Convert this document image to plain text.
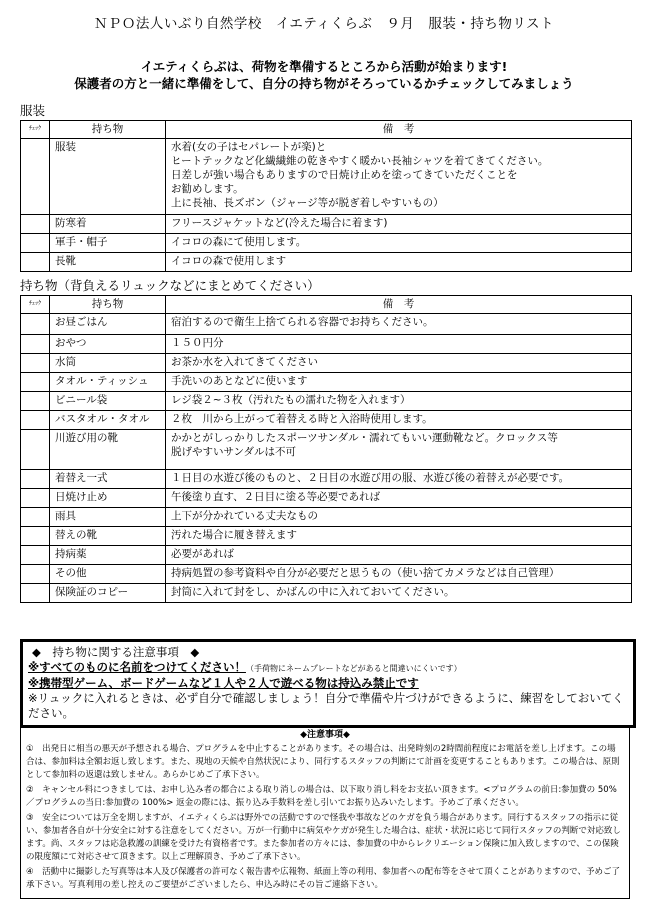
ＮＰＯ法人いぶり自然学校　イエティくらぶ　９月　服装・持ち物リスト
イエティくらぶは、荷物を準備するところから活動が始まります!
保護者の方と一緒に準備をして、自分の持ち物がそろっているかチェックしてみましょう
服装
ﾁｪｯｸ	持ち物	備　考
	服装	水着(女の子はセパレートが楽)と
ヒートテックなど化繊繊維の乾きやすく暖かい長袖シャツを着てきてください。
日差しが強い場合もありますので日焼け止めを塗ってきていただくことを
お勧めします。
上に長袖、長ズボン（ジャージ等が脱ぎ着しやすいもの）

	防寒着	フリースジャケットなど(冷えた場合に着ます)

	軍手・帽子	イコロの森にて使用します。

	長靴	イコロの森で使用します
持ち物（背負えるリュックなどにまとめてください）
ﾁｪｯｸ	持ち物	備　考
	お昼ごはん	宿泊するので衛生上捨てられる容器でお持ちください。

	おやつ	１５０円分

	水筒	お茶か水を入れてきてください

	タオル・ティッシュ	手洗いのあとなどに使います

	ビニール袋	レジ袋２~３枚（汚れたもの濡れた物を入れます）

	バスタオル・タオル	２枚　川から上がって着替える時と入浴時使用します。

	川遊び用の靴	かかとがしっかりしたスポーツサンダル・濡れてもいい運動靴など。クロックス等
脱げやすいサンダルは不可

	着替え一式	１日目の水遊び後のものと、２日目の水遊び用の服、水遊び後の着替えが必要です。

	日焼け止め	午後塗り直す、２日目に塗る等必要であれば

	雨具	上下が分かれている丈夫なもの

	替えの靴	汚れた場合に履き替えます

	持病薬	必要があれば

	その他	持病処置の参考資料や自分が必要だと思うもの（使い捨てカメラなどは自己管理）

	保険証のコピー	封筒に入れて封をし、かばんの中に入れておいてください。
◆　持ち物に関する注意事項　◆
※すべてのものに名前をつけてください！（手荷物にネームプレートなどがあると間違いにくいです）
※携帯型ゲーム、ボードゲームなど１人や２人で遊べる物は持込み禁止です
※リュックに入れるときは、必ず自分で確認しましょう！自分で準備や片づけができるように、練習をしておいてください。
◆注意事項◆

①　出発日に相当の悪天が予想される場合、プログラムを中止することがあります。その場合は、出発時刻の2時間前程度にお電話を差し上げます。この場合は、参加料は全額お返し致します。また、現地の天候や自然状況により、同行するスタッフの判断にて計画を変更することもあります。この場合は、原則として参加料の返還は致しません。あらかじめご了承下さい。

②　キャンセル料につきましては、お申し込み者の都合による取り消しの場合は、以下取り消し料をお支払い頂きます。<プログラムの前日:参加費の 50%／プログラムの当日:参加費の 100%> 返金の際には、振り込み手数料を差し引いてお振り込みいたします。予めご了承ください。

③　安全については万全を期しますが、イエティくらぶは野外での活動ですので怪我や事故などのケガを負う場合があります。同行するスタッフの指示に従い、参加者各自が十分安全に対する注意をしてください。万が一行動中に病気やケガが発生した場合は、症状・状況に応じて同行スタッフの判断で対応致します。尚、スタッフは応急救護の訓練を受けた有資格者です。また参加者の方々には、参加費の中からレクリエーション保険に加入致しますので、この保険の限度額にて対応させて頂きます。以上ご理解頂き、予めご了承下さい。

④　活動中に撮影した写真等は本人及び保護者の許可なく報告書や広報物、紙面上等の利用、参加者への配布等をさせて頂くことがありますので、予めご了承下さい。写真利用の差し控えのご要望がございましたら、申込み時にその旨ご連絡下さい。
